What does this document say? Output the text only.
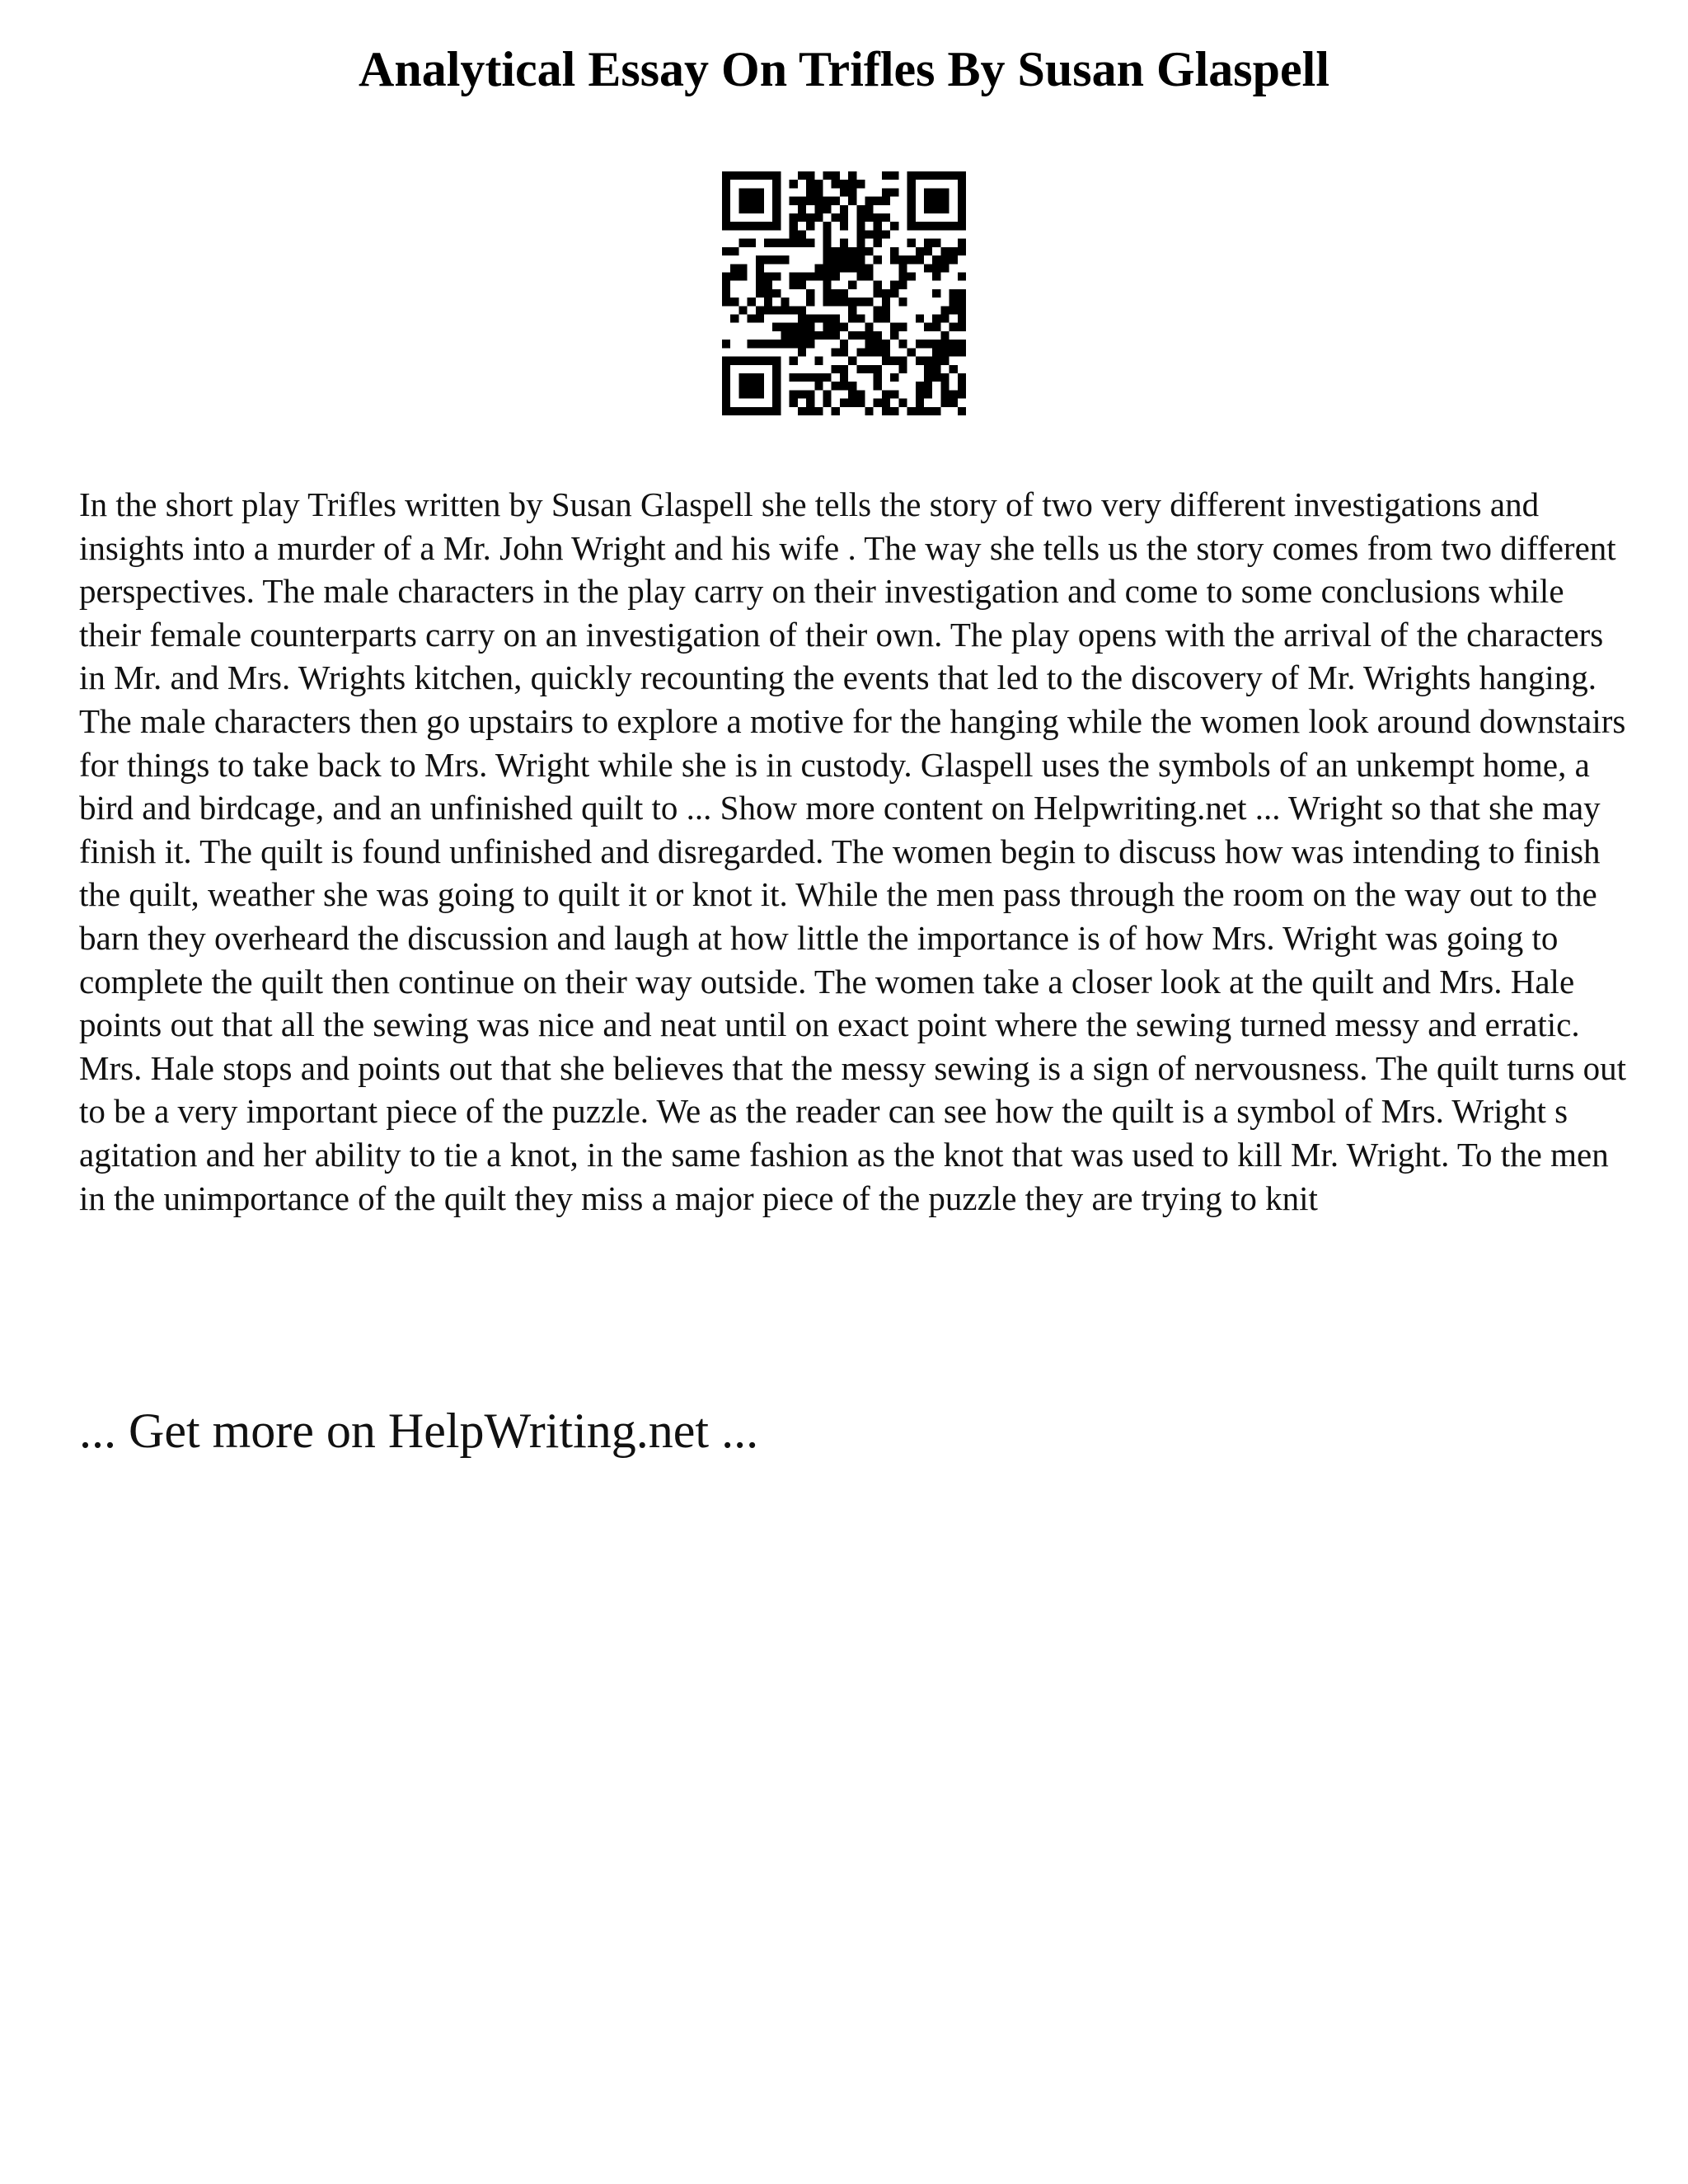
Analytical Essay On Trifles By Susan Glaspell

In the short play Trifles written by Susan Glaspell she tells the story of two very different investigations and insights into a murder of a Mr. John Wright and his wife . The way she tells us the story comes from two different perspectives. The male characters in the play carry on their investigation and come to some conclusions while their female counterparts carry on an investigation of their own. The play opens with the arrival of the characters in Mr. and Mrs. Wrights kitchen, quickly recounting the events that led to the discovery of Mr. Wrights hanging. The male characters then go upstairs to explore a motive for the hanging while the women look around downstairs for things to take back to Mrs. Wright while she is in custody. Glaspell uses the symbols of an unkempt home, a bird and birdcage, and an unfinished quilt to ... Show more content on Helpwriting.net ... Wright so that she may finish it. The quilt is found unfinished and disregarded. The women begin to discuss how was intending to finish the quilt, weather she was going to quilt it or knot it. While the men pass through the room on the way out to the barn they overheard the discussion and laugh at how little the importance is of how Mrs. Wright was going to complete the quilt then continue on their way outside. The women take a closer look at the quilt and Mrs. Hale points out that all the sewing was nice and neat until on exact point where the sewing turned messy and erratic. Mrs. Hale stops and points out that she believes that the messy sewing is a sign of nervousness. The quilt turns out to be a very important piece of the puzzle. We as the reader can see how the quilt is a symbol of Mrs. Wright s agitation and her ability to tie a knot, in the same fashion as the knot that was used to kill Mr. Wright. To the men in the unimportance of the quilt they miss a major piece of the puzzle they are trying to knit

... Get more on HelpWriting.net ...
